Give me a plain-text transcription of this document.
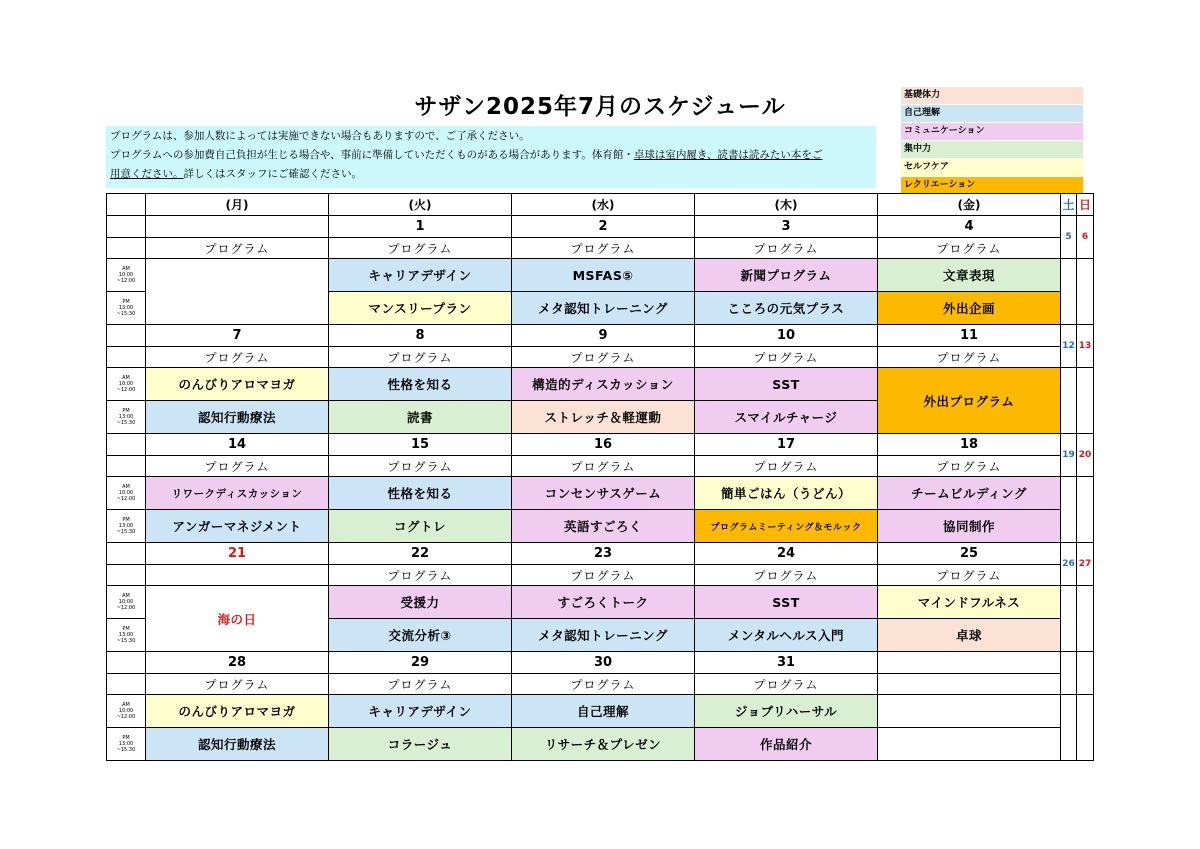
サザン2025年7月のスケジュール
プログラムは、参加人数によっては実施できない場合もありますので、ご了承ください。
プログラムへの参加費自己負担が生じる場合や、事前に準備していただくものがある場合があります。体育館・卓球は室内履き、読書は読みたい本をご
用意ください。詳しくはスタッフにご確認ください。
基礎体力
自己理解
コミュニケーション
集中力
セルフケア
レクリエーション
	(月)	(火)	(水)	(木)	(金)	土	日
		1	2	3	4	5	6
	プログラム	プログラム	プログラム	プログラム	プログラム		
AM
10:00
~12:00		キャリアデザイン	MSFAS⑤	新聞プログラム	文章表現		
PM
13:00
~15:30		マンスリープラン	メタ認知トレーニング	こころの元気プラス	外出企画		
	7	8	9	10	11	12	13
	プログラム	プログラム	プログラム	プログラム	プログラム		
AM
10:00
~12:00	のんびりアロマヨガ	性格を知る	構造的ディスカッション	SST	外出プログラム		
PM
13:00
~15:30	認知行動療法	読書	ストレッチ＆軽運動	スマイルチャージ			
	14	15	16	17	18	19	20
	プログラム	プログラム	プログラム	プログラム	プログラム		
AM
10:00
~12:00	リワークディスカッション	性格を知る	コンセンサスゲーム	簡単ごはん（うどん）	チームビルディング		
PM
13:00
~15:30	アンガーマネジメント	コグトレ	英語すごろく	プログラムミーティング＆モルック	協同制作		
	21	22	23	24	25	26	27
		プログラム	プログラム	プログラム	プログラム		
AM
10:00
~12:00	海の日	受援力	すごろくトーク	SST	マインドフルネス		
PM
13:00
~15:30		交流分析③	メタ認知トレーニング	メンタルヘルス入門	卓球		
	28	29	30	31			
	プログラム	プログラム	プログラム	プログラム			
AM
10:00
~12:00	のんびりアロマヨガ	キャリアデザイン	自己理解	ジョブリハーサル			
PM
13:00
~15:30	認知行動療法	コラージュ	リサーチ＆プレゼン	作品紹介			
